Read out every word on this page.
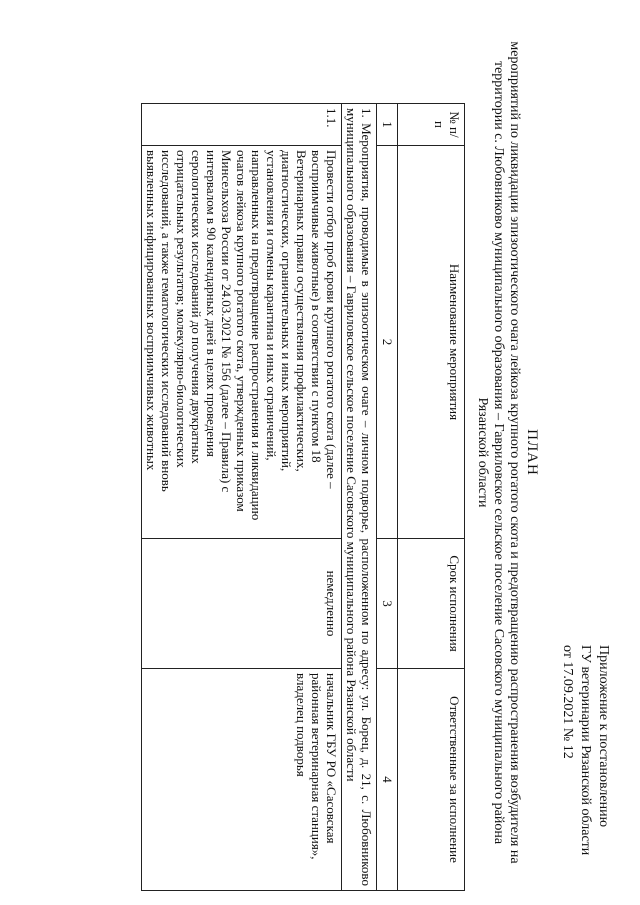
Приложение к постановлению
ГУ ветеринарии Рязанской области
от 17.09.2021 № 12
ПЛАН
мероприятий по ликвидации эпизоотического очага лейкоза крупного рогатого скота и предотвращению распространения возбудителя на территории с. Любовниково муниципального образования – Гавриловское сельское поселение Сасовского муниципального района Рязанской области
№ п/п	Наименование мероприятия	Срок исполнения	Ответственные за исполнение
1	2	3	4
1. Мероприятия, проводимые в эпизоотическом очаге – личном подворье, расположенном по адресу: ул. Борец, д. 21, с. Любовниково муниципального образования – Гавриловское сельское поселение Сасовского муниципального района Рязанской области			
1.1.	Провести отбор проб крови крупного рогатого скота (далее – восприимчивые животные) в соответствии с пунктом 18 Ветеринарных правил осуществления профилактических, диагностических, ограничительных и иных мероприятий, установления и отмены карантина и иных ограничений, направленных на предотвращение распространения и ликвидацию очагов лейкоза крупного рогатого скота, утвержденных приказом Минсельхоза России от 24.03.2021 № 156 (далее – Правила) с интервалом в 90 календарных дней в целях проведения серологических исследований до получения двукратных отрицательных результатов; молекулярно-биологических исследований, а также гематологических исследований вновь выявленных инфицированных восприимчивых животных	немедленно	начальник ГБУ РО «Сасовская районная ветеринарная станция», владелец подворья
